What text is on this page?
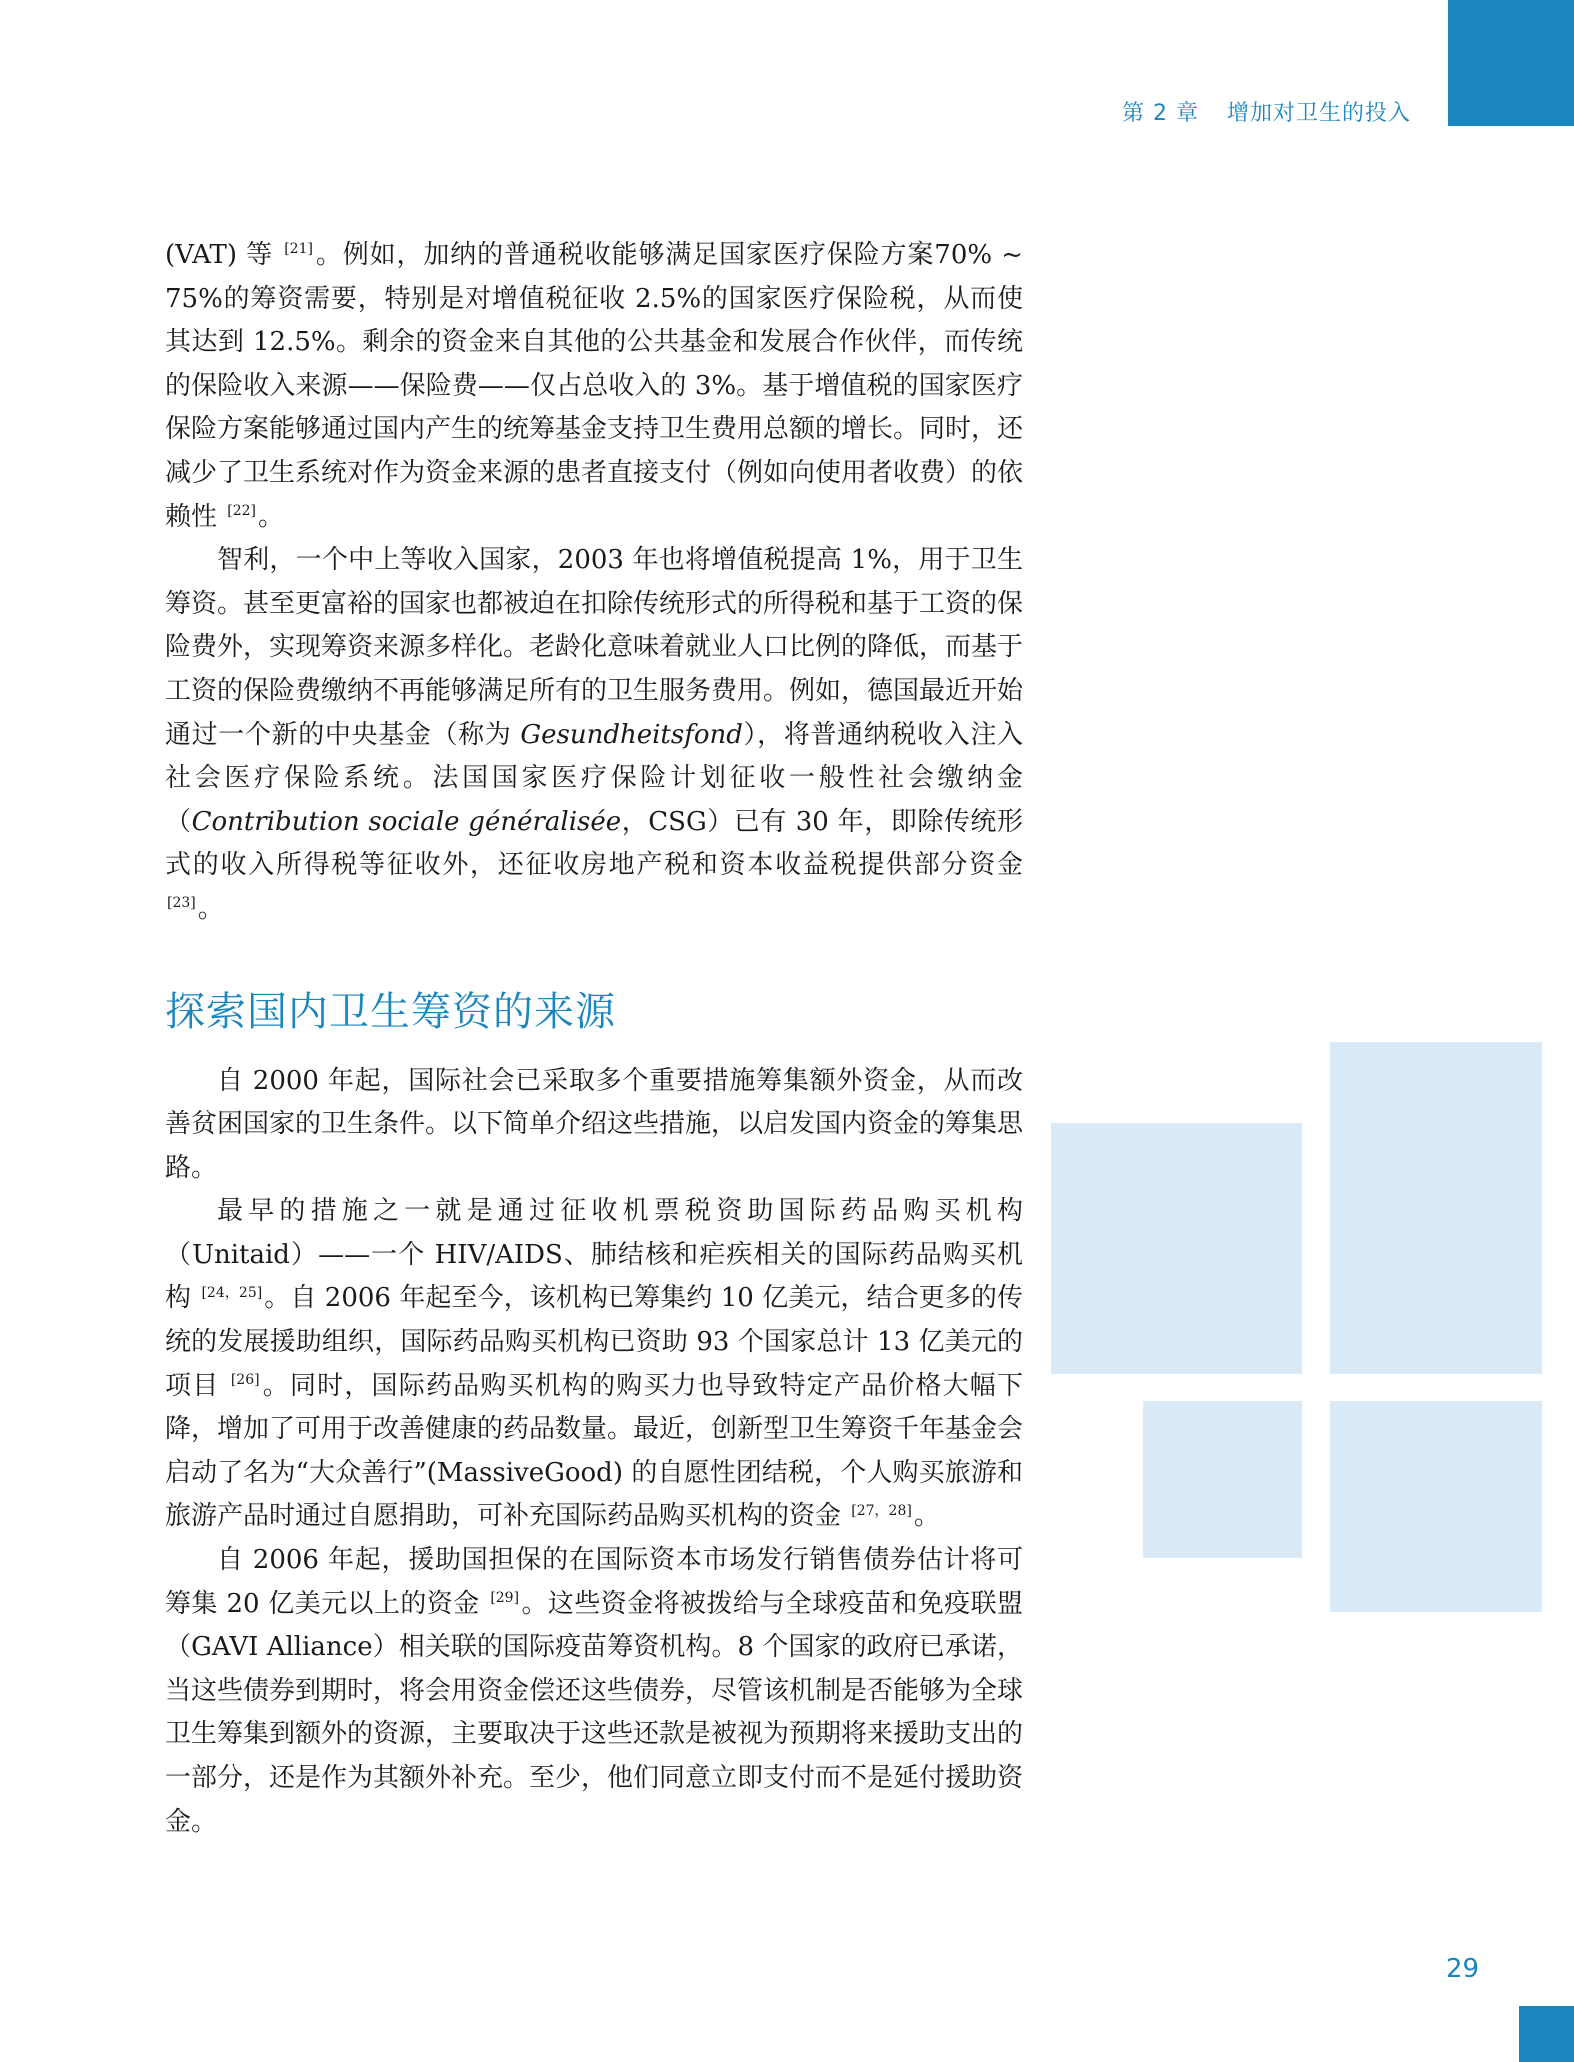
第 2 章 增加对卫生的投入

(VAT) 等 [21]。例如，加纳的普通税收能够满足国家医疗保险方案70% ~ 75%的筹资需要，特别是对增值税征收 2.5%的国家医疗保险税，从而使其达到 12.5%。剩余的资金来自其他的公共基金和发展合作伙伴，而传统的保险收入来源——保险费——仅占总收入的 3%。基于增值税的国家医疗保险方案能够通过国内产生的统筹基金支持卫生费用总额的增长。同时，还减少了卫生系统对作为资金来源的患者直接支付（例如向使用者收费）的依赖性 [22]。

智利，一个中上等收入国家，2003 年也将增值税提高 1%，用于卫生筹资。甚至更富裕的国家也都被迫在扣除传统形式的所得税和基于工资的保险费外，实现筹资来源多样化。老龄化意味着就业人口比例的降低，而基于工资的保险费缴纳不再能够满足所有的卫生服务费用。例如，德国最近开始通过一个新的中央基金（称为 Gesundheitsfond），将普通纳税收入注入社会医疗保险系统。法国国家医疗保险计划征收一般性社会缴纳金（Contribution sociale généralisée，CSG）已有 30 年，即除传统形式的收入所得税等征收外，还征收房地产税和资本收益税提供部分资金 [23]。

探索国内卫生筹资的来源

自 2000 年起，国际社会已采取多个重要措施筹集额外资金，从而改善贫困国家的卫生条件。以下简单介绍这些措施，以启发国内资金的筹集思路。

最早的措施之一就是通过征收机票税资助国际药品购买机构（Unitaid）——一个 HIV/AIDS、肺结核和疟疾相关的国际药品购买机构 [24，25]。自 2006 年起至今，该机构已筹集约 10 亿美元，结合更多的传统的发展援助组织，国际药品购买机构已资助 93 个国家总计 13 亿美元的项目 [26]。同时，国际药品购买机构的购买力也导致特定产品价格大幅下降，增加了可用于改善健康的药品数量。最近，创新型卫生筹资千年基金会启动了名为“大众善行”(MassiveGood) 的自愿性团结税，个人购买旅游和旅游产品时通过自愿捐助，可补充国际药品购买机构的资金 [27，28]。

自 2006 年起，援助国担保的在国际资本市场发行销售债券估计将可筹集 20 亿美元以上的资金 [29]。这些资金将被拨给与全球疫苗和免疫联盟（GAVI Alliance）相关联的国际疫苗筹资机构。8 个国家的政府已承诺，当这些债券到期时，将会用资金偿还这些债券，尽管该机制是否能够为全球卫生筹集到额外的资源，主要取决于这些还款是被视为预期将来援助支出的一部分，还是作为其额外补充。至少，他们同意立即支付而不是延付援助资金。

29
